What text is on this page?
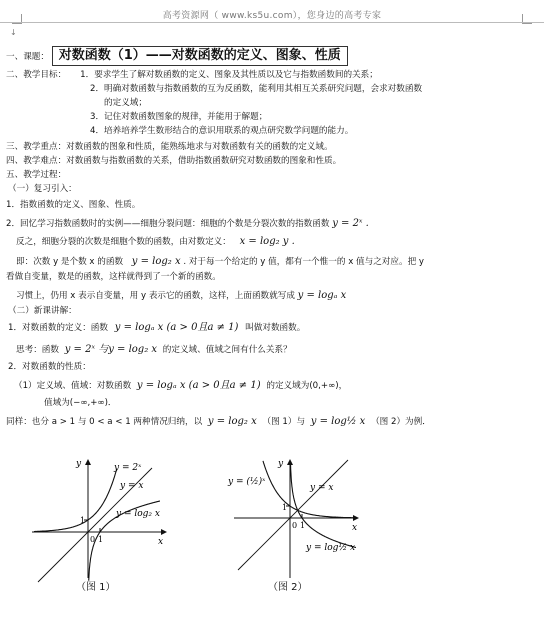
高考资源网（ www.ks5u.com），您身边的高考专家
↓
一、课题： 对数函数（1）——对数函数的定义、图象、性质
二、教学目标： 1．要求学生了解对数函数的定义、图象及其性质以及它与指数函数间的关系；
2．明确对数函数与指数函数的互为反函数，能利用其相互关系研究问题，会求对数函数
的定义域；
3．记住对数函数图象的规律，并能用于解题；
4．培养培养学生数形结合的意识用联系的观点研究数学问题的能力。
三、教学重点：对数函数的图象和性质，能熟练地求与对数函数有关的函数的定义域。
四、教学难点：对数函数与指数函数的关系，借助指数函数研究对数函数的图象和性质。
五、教学过程：
（一）复习引入：
1．指数函数的定义、图象、性质。
2．回忆学习指数函数时的实例——细胞分裂问题：细胞的个数是分裂次数的指数函数 y = 2ˣ .
反之，细胞分裂的次数是细胞个数的函数，由对数定义： x = log₂ y .
即：次数 y 是个数 x 的函数 y = log₂ x . 对于每一个给定的 y 值，都有一个惟一的 x 值与之对应。把 y
看做自变量，数是的函数，这样就得到了一个新的函数。
习惯上，仍用 x 表示自变量，用 y 表示它的函数，这样，上面函数就写成 y = logₐ x
（二）新课讲解：
1．对数函数的定义：函数 y = logₐ x (a > 0且a ≠ 1) 叫做对数函数。
思考：函数 y = 2ˣ 与y = log₂ x 的定义域、值域之间有什么关系？
2．对数函数的性质：
（1）定义域、值域：对数函数 y = logₐ x (a > 0且a ≠ 1) 的定义域为(0,+∞)，
值域为(−∞,+∞)．
同样：也分 a > 1 与 0 < a < 1 两种情况归纳，以 y = log₂ x （图 1）与 y = log½ x （图 2）为例．
1
0 1	x
y	y = 2ˣ
y = x
y = log₂ x
（图 1）
1
0 1	x
y
y = (½)ˣ
y = x
y = log½ x
（图 2）
